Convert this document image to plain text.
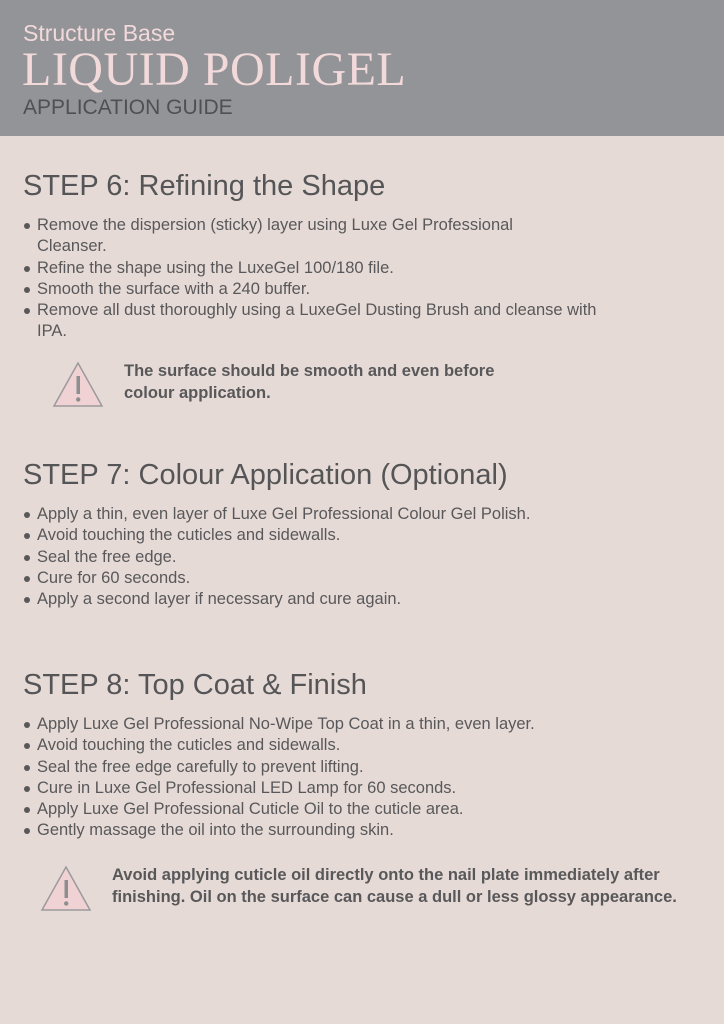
Structure Base
LIQUID POLIGEL
APPLICATION GUIDE
STEP 6: Refining the Shape
Remove the dispersion (sticky) layer using Luxe Gel Professional Cleanser.
Refine the shape using the LuxeGel 100/180 file.
Smooth the surface with a 240 buffer.
Remove all dust thoroughly using a LuxeGel Dusting Brush and cleanse with IPA.

The surface should be smooth and even before colour application.

STEP 7: Colour Application (Optional)
Apply a thin, even layer of Luxe Gel Professional Colour Gel Polish.
Avoid touching the cuticles and sidewalls.
Seal the free edge.
Cure for 60 seconds.
Apply a second layer if necessary and cure again.
STEP 8: Top Coat & Finish
Apply Luxe Gel Professional No-Wipe Top Coat in a thin, even layer.
Avoid touching the cuticles and sidewalls.
Seal the free edge carefully to prevent lifting.
Cure in Luxe Gel Professional LED Lamp for 60 seconds.
Apply Luxe Gel Professional Cuticle Oil to the cuticle area.
Gently massage the oil into the surrounding skin.

Avoid applying cuticle oil directly onto the nail plate immediately after finishing. Oil on the surface can cause a dull or less glossy appearance.
